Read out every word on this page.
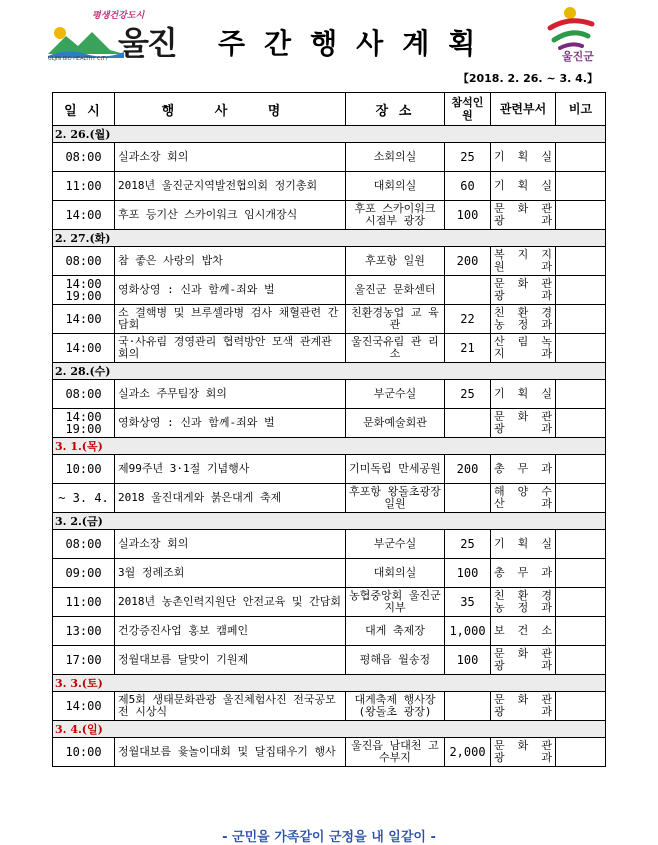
평생건강도시
울진
ULJIN BIO HEALTHY CITY	주간행사계획	울진군
【2018. 2. 26. ~ 3. 4.】
일 시	행 사 명	장 소	참석인원	관련부서	비고
2. 26.(월)					
08:00	실과소장 회의	소회의실	25	기 획 실	
11:00	2018년 울진군지역발전협의회 정기총회	대회의실	60	기 획 실	
14:00	후포 등기산 스카이워크 임시개장식	후포 스카이워크 시점부 광장	100	문 화 관 광 과	
2. 27.(화)					
08:00	참 좋은 사랑의 밥차	후포항 일원	200	복 지 지 원 과	
14:00 19:00	영화상영 : 신과 함께-죄와 벌	울진군 문화센터		문 화 관 광 과	
14:00	소 결핵병 및 브루셀라병 검사 채혈관련 간담회	친환경농업 교 육 관	22	친 환 경 농 정 과	
14:00	국·사유림 경영관리 협력방안 모색 관계관 회의	울진국유림 관 리 소	21	산 림 녹 지 과	
2. 28.(수)					
08:00	실과소 주무팀장 회의	부군수실	25	기 획 실	
14:00 19:00	영화상영 : 신과 함께-죄와 벌	문화예술회관		문 화 관 광 과	
3. 1.(목)					
10:00	제99주년 3·1절 기념행사	기미독립 만세공원	200	총 무 과	
~ 3. 4.	2018 울진대게와 붉은대게 축제	후포항 왕돌초광장 일원		해 양 수 산 과	
3. 2.(금)					
08:00	실과소장 회의	부군수실	25	기 획 실	
09:00	3월 정례조회	대회의실	100	총 무 과	
11:00	2018년 농촌인력지원단 안전교육 및 간담회	농협중앙회 울진군지부	35	친 환 경 농 정 과	
13:00	건강증진사업 홍보 캠페인	대게 축제장	1,000	보 건 소	
17:00	정월대보름 달맞이 기원제	평해읍 월송정	100	문 화 관 광 과	
3. 3.(토)					
14:00	제5회 생태문화관광 울진체험사진 전국공모전 시상식	대게축제 행사장 (왕돌초 광장)		문 화 관 광 과	
3. 4.(일)					
10:00	정월대보름 윷놀이대회 및 달집태우기 행사	울진읍 남대천 고수부지	2,000	문 화 관 광 과	
- 군민을 가족같이 군정을 내 일같이 -
